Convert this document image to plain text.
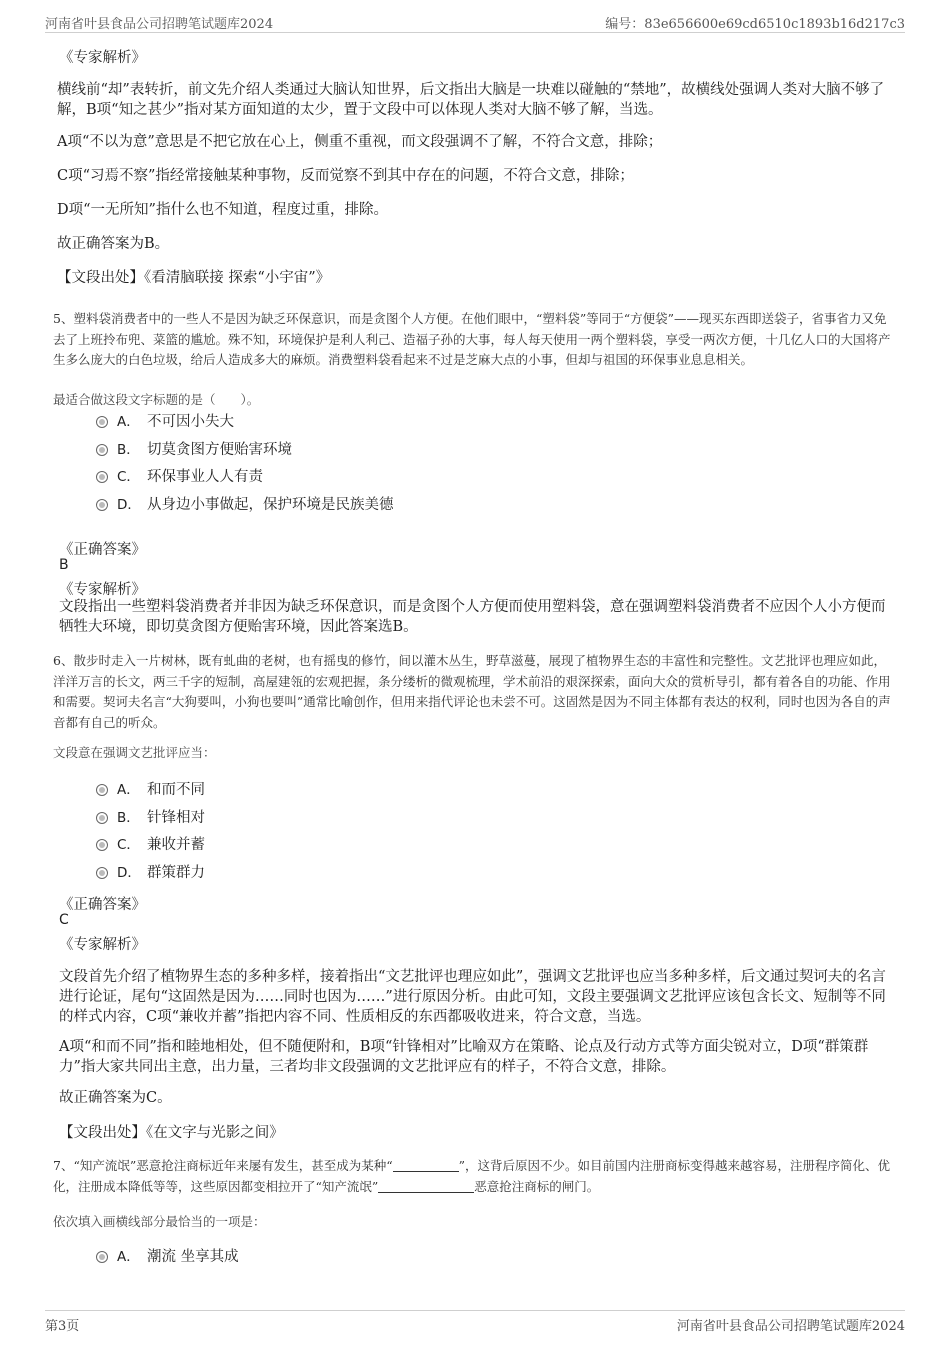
河南省叶县食品公司招聘笔试题库2024	编号：83e656600e69cd6510c1893b16d217c3
《专家解析》
横线前“却”表转折，前文先介绍人类通过大脑认知世界，后文指出大脑是一块难以碰触的“禁地”，故横线处强调人类对大脑不够了解，B项“知之甚少”指对某方面知道的太少，置于文段中可以体现人类对大脑不够了解，当选。
A项“不以为意”意思是不把它放在心上，侧重不重视，而文段强调不了解，不符合文意，排除；
C项“习焉不察”指经常接触某种事物，反而觉察不到其中存在的问题，不符合文意，排除；
D项“一无所知”指什么也不知道，程度过重，排除。
故正确答案为B。
【文段出处】《看清脑联接 探索“小宇宙”》
5、塑料袋消费者中的一些人不是因为缺乏环保意识，而是贪图个人方便。在他们眼中，“塑料袋”等同于“方便袋”——现买东西即送袋子，省事省力又免去了上班拎布兜、菜篮的尴尬。殊不知，环境保护是利人利己、造福子孙的大事，每人每天使用一两个塑料袋，享受一两次方便，十几亿人口的大国将产生多么庞大的白色垃圾，给后人造成多大的麻烦。消费塑料袋看起来不过是芝麻大点的小事，但却与祖国的环保事业息息相关。
最适合做这段文字标题的是（　　）。
A． 不可因小失大
B． 切莫贪图方便贻害环境
C． 环保事业人人有责
D． 从身边小事做起，保护环境是民族美德
《正确答案》
B
《专家解析》
文段指出一些塑料袋消费者并非因为缺乏环保意识，而是贪图个人方便而使用塑料袋，意在强调塑料袋消费者不应因个人小方便而牺牲大环境，即切莫贪图方便贻害环境，因此答案选B。
6、散步时走入一片树林，既有虬曲的老树，也有摇曳的修竹，间以灌木丛生，野草滋蔓，展现了植物界生态的丰富性和完整性。文艺批评也理应如此，洋洋万言的长文，两三千字的短制，高屋建瓴的宏观把握，条分缕析的微观梳理，学术前沿的艰深探索，面向大众的赏析导引，都有着各自的功能、作用和需要。契诃夫名言“大狗要叫，小狗也要叫”通常比喻创作，但用来指代评论也未尝不可。这固然是因为不同主体都有表达的权利，同时也因为各自的声音都有自己的听众。
文段意在强调文艺批评应当：
A． 和而不同
B． 针锋相对
C． 兼收并蓄
D． 群策群力
《正确答案》
C
《专家解析》
文段首先介绍了植物界生态的多种多样，接着指出“文艺批评也理应如此”，强调文艺批评也应当多种多样，后文通过契诃夫的名言进行论证，尾句“这固然是因为……同时也因为……”进行原因分析。由此可知，文段主要强调文艺批评应该包含长文、短制等不同的样式内容，C项“兼收并蓄”指把内容不同、性质相反的东西都吸收进来，符合文意，当选。
A项“和而不同”指和睦地相处，但不随便附和，B项“针锋相对”比喻双方在策略、论点及行动方式等方面尖锐对立，D项“群策群力”指大家共同出主意，出力量，三者均非文段强调的文艺批评应有的样子，不符合文意，排除。
故正确答案为C。
【文段出处】《在文字与光影之间》
7、“知产流氓”恶意抢注商标近年来屡有发生，甚至成为某种“	”，这背后原因不少。如目前国内注册商标变得越来越容易，注册程序简化、优化，注册成本降低等等，这些原因都变相拉开了“知产流氓”	恶意抢注商标的闸门。
依次填入画横线部分最恰当的一项是：
A． 潮流 坐享其成
第3页	河南省叶县食品公司招聘笔试题库2024
